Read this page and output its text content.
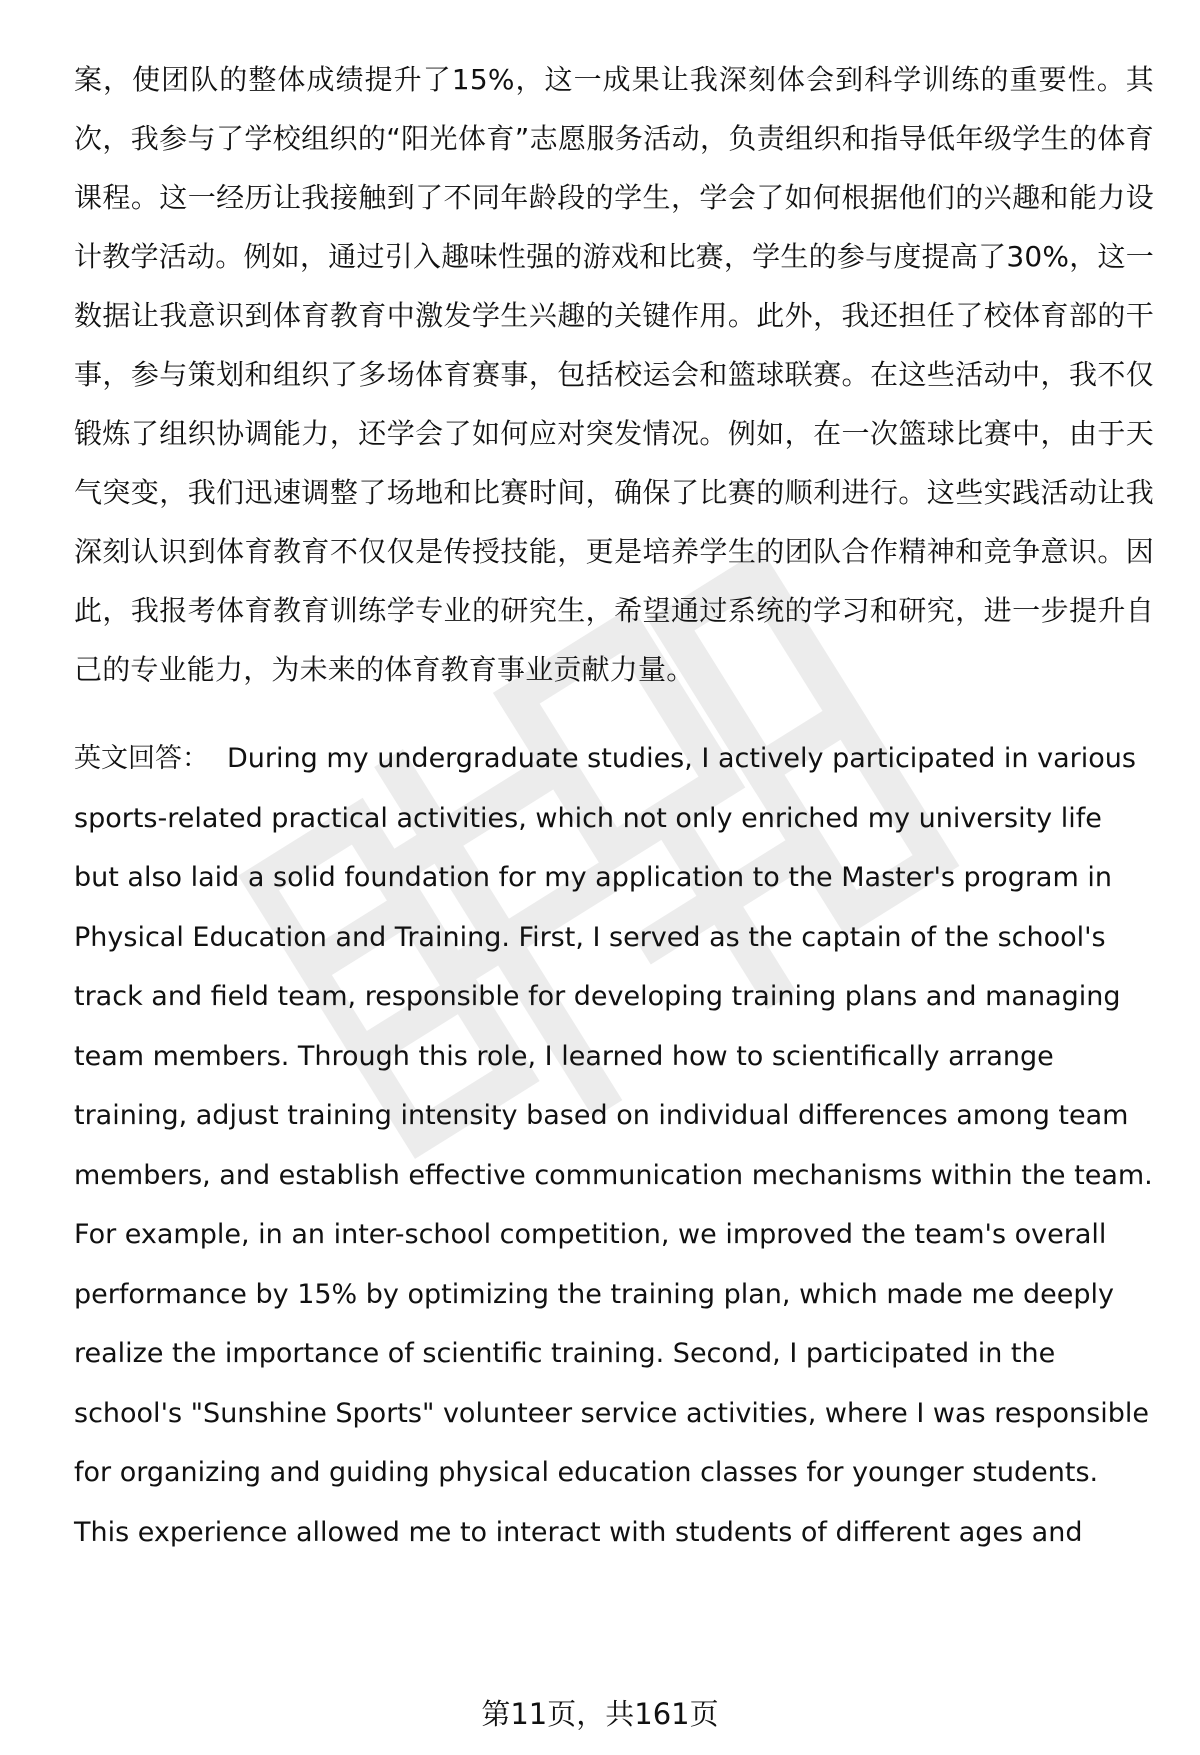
案，使团队的整体成绩提升了15%，这一成果让我深刻体会到科学训练的重要性。其次，我参与了学校组织的“阳光体育”志愿服务活动，负责组织和指导低年级学生的体育课程。这一经历让我接触到了不同年龄段的学生，学会了如何根据他们的兴趣和能力设计教学活动。例如，通过引入趣味性强的游戏和比赛，学生的参与度提高了30%，这一数据让我意识到体育教育中激发学生兴趣的关键作用。此外，我还担任了校体育部的干事，参与策划和组织了多场体育赛事，包括校运会和篮球联赛。在这些活动中，我不仅锻炼了组织协调能力，还学会了如何应对突发情况。例如，在一次篮球比赛中，由于天气突变，我们迅速调整了场地和比赛时间，确保了比赛的顺利进行。这些实践活动让我深刻认识到体育教育不仅仅是传授技能，更是培养学生的团队合作精神和竞争意识。因此，我报考体育教育训练学专业的研究生，希望通过系统的学习和研究，进一步提升自己的专业能力，为未来的体育教育事业贡献力量。

英文回答： During my undergraduate studies, I actively participated in various sports-related practical activities, which not only enriched my university life but also laid a solid foundation for my application to the Master's program in Physical Education and Training. First, I served as the captain of the school's track and field team, responsible for developing training plans and managing team members. Through this role, I learned how to scientifically arrange training, adjust training intensity based on individual differences among team members, and establish effective communication mechanisms within the team. For example, in an inter-school competition, we improved the team's overall performance by 15% by optimizing the training plan, which made me deeply realize the importance of scientific training. Second, I participated in the school's "Sunshine Sports" volunteer service activities, where I was responsible for organizing and guiding physical education classes for younger students. This experience allowed me to interact with students of different ages and

第11页，共161页
